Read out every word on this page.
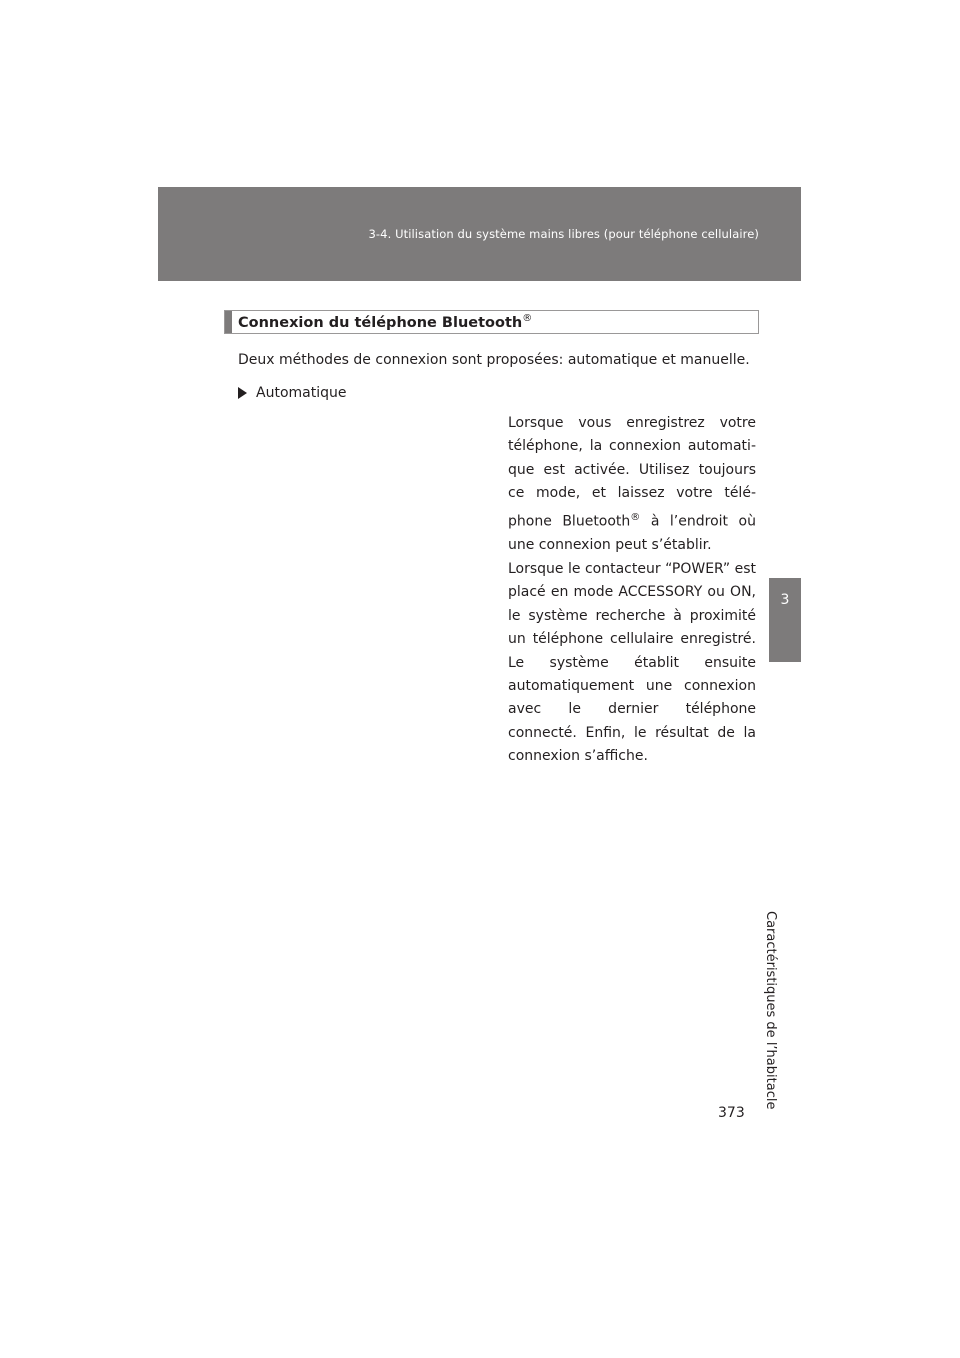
3-4. Utilisation du système mains libres (pour téléphone cellulaire)
3
Caractéristiques de l’habitacle
Connexion du téléphone Bluetooth®
Deux méthodes de connexion sont proposées: automatique et manuelle.
Automatique
Lorsque vous enregistrez votre téléphone, la connexion automatique est activée. Utilisez toujours ce mode, et laissez votre téléphone Bluetooth® à l’endroit où une connexion peut s’établir.
Lorsque le contacteur “POWER” est placé en mode ACCESSORY ou ON, le système recherche à proximité un téléphone cellulaire enregistré. Le système établit ensuite automatiquement une connexion avec le dernier téléphone connecté. Enfin, le résultat de la connexion s’affiche.
373
